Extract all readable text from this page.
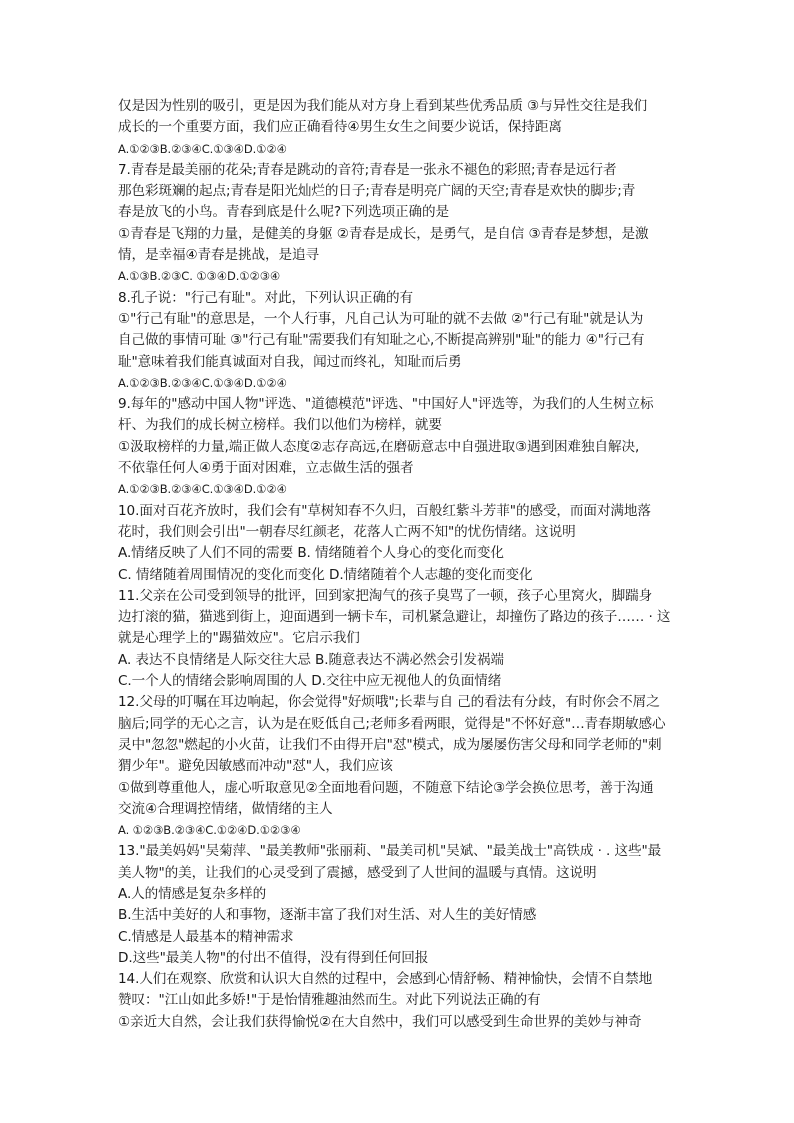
仅是因为性别的吸引，更是因为我们能从对方身上看到某些优秀品质 ③与异性交往是我们
成长的一个重要方面，我们应正确看待④男生女生之间要少说话，保持距离
A.①②③B.②③④C.①③④D.①②④
7.青春是最美丽的花朵;青春是跳动的音符;青春是一张永不褪色的彩照;青春是远行者
那色彩斑斓的起点;青春是阳光灿烂的日子;青春是明亮广阔的天空;青春是欢快的脚步;青
春是放飞的小鸟。青春到底是什么呢?下列选项正确的是
①青春是飞翔的力量，是健美的身躯 ②青春是成长，是勇气，是自信 ③青春是梦想，是激
情，是幸福④青春是挑战，是追寻
A.①③B.②③C. ①③④D.①②③④
8.孔子说："行己有耻"。对此，下列认识正确的有
①"行己有耻"的意思是，一个人行事，凡自己认为可耻的就不去做 ②"行己有耻"就是认为
自己做的事情可耻 ③"行己有耻"需要我们有知耻之心,不断提高辨别"耻"的能力 ④"行己有
耻"意味着我们能真诚面对自我，闻过而终礼，知耻而后勇
A.①②③B.②③④C.①③④D.①②④
9.每年的"感动中国人物"评选、"道德模范"评选、"中国好人"评选等，为我们的人生树立标
杆、为我们的成长树立榜样。我们以他们为榜样，就要
①汲取榜样的力量,端正做人态度②志存高远,在磨砺意志中自强进取③遇到困难独自解决,
不依靠任何人④勇于面对困难，立志做生活的强者
A.①②③B.②③④C.①③④D.①②④
10.面对百花齐放时，我们会有"草树知春不久归，百般红紫斗芳菲"的感受，而面对满地落
花时，我们则会引出"一朝春尽红颜老，花落人亡两不知"的忧伤情绪。这说明
A.情绪反映了人们不同的需要 B. 情绪随着个人身心的变化而变化
C. 情绪随着周围情况的变化而变化 D.情绪随着个人志趣的变化而变化
11.父亲在公司受到领导的批评，回到家把淘气的孩子臭骂了一顿，孩子心里窝火，脚踹身
边打滚的猫，猫逃到街上，迎面遇到一辆卡车，司机紧急避让，却撞伤了路边的孩子…… · 这
就是心理学上的"踢猫效应"。它启示我们
A. 表达不良情绪是人际交往大忌 B.随意表达不满必然会引发祸端
C.一个人的情绪会影响周围的人 D.交往中应无视他人的负面情绪
12.父母的叮嘱在耳边响起，你会觉得"好烦哦";长辈与自 己的看法有分歧，有时你会不屑之
脑后;同学的无心之言，认为是在贬低自己;老师多看两眼，觉得是"不怀好意"…青春期敏感心
灵中"忽忽"燃起的小火苗，让我们不由得开启"怼"模式，成为屡屡伤害父母和同学老师的"刺
猬少年"。避免因敏感而冲动"怼"人，我们应该
①做到尊重他人，虚心听取意见②全面地看问题，不随意下结论③学会换位思考，善于沟通
交流④合理调控情绪，做情绪的主人
A. ①②③B.②③④C.①②④D.①②③④
13."最美妈妈"吴菊萍、"最美教师"张丽莉、"最美司机"吴斌、"最美战士"高铁成 · . 这些"最
美人物"的美，让我们的心灵受到了震撼，感受到了人世间的温暖与真情。这说明
A.人的情感是复杂多样的
B.生活中美好的人和事物，逐渐丰富了我们对生活、对人生的美好情感
C.情感是人最基本的精神需求
D.这些"最美人物"的付出不值得，没有得到任何回报
14.人们在观察、欣赏和认识大自然的过程中，会感到心情舒畅、精神愉快，会情不自禁地
赞叹："江山如此多娇!"于是怡情雅趣油然而生。对此下列说法正确的有
①亲近大自然，会让我们获得愉悦②在大自然中，我们可以感受到生命世界的美妙与神奇
